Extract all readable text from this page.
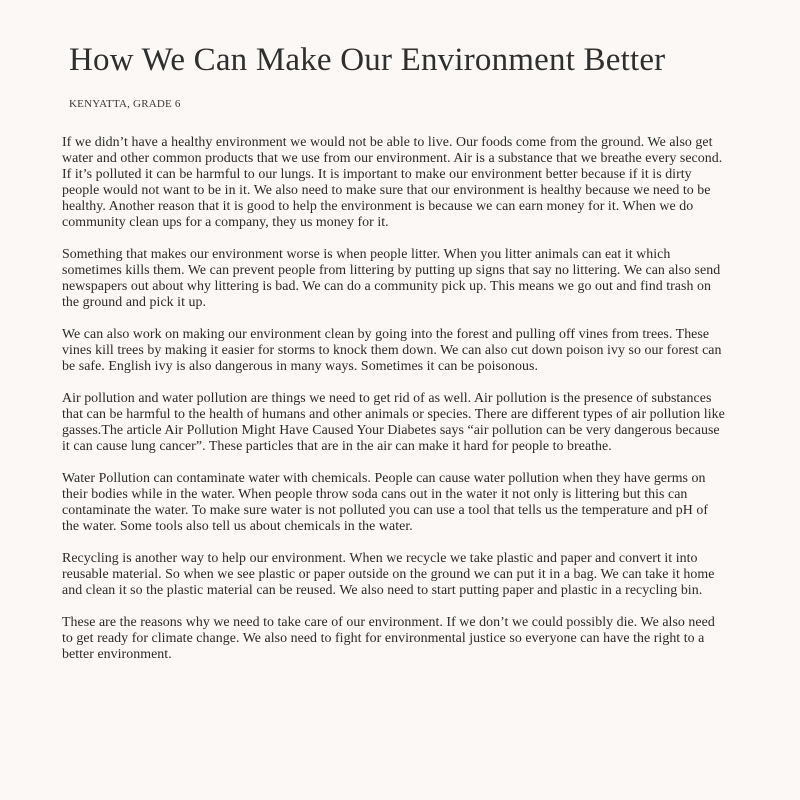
How We Can Make Our Environment Better

KENYATTA, GRADE 6

If we didn’t have a healthy environment we would not be able to live. Our foods come from the ground. We also get water and other common products that we use from our environment. Air is a substance that we breathe every second. If it’s polluted it can be harmful to our lungs. It is important to make our environment better because if it is dirty people would not want to be in it. We also need to make sure that our environment is healthy because we need to be healthy. Another reason that it is good to help the environment is because we can earn money for it. When we do community clean ups for a company, they us money for it.

Something that makes our environment worse is when people litter. When you litter animals can eat it which sometimes kills them. We can prevent people from littering by putting up signs that say no littering. We can also send newspapers out about why littering is bad. We can do a community pick up. This means we go out and find trash on the ground and pick it up.

We can also work on making our environment clean by going into the forest and pulling off vines from trees. These vines kill trees by making it easier for storms to knock them down. We can also cut down poison ivy so our forest can be safe. English ivy is also dangerous in many ways. Sometimes it can be poisonous.

Air pollution and water pollution are things we need to get rid of as well. Air pollution is the presence of substances that can be harmful to the health of humans and other animals or species. There are different types of air pollution like gasses.The article Air Pollution Might Have Caused Your Diabetes says “air pollution can be very dangerous because it can cause lung cancer”. These particles that are in the air can make it hard for people to breathe.

Water Pollution can contaminate water with chemicals. People can cause water pollution when they have germs on their bodies while in the water. When people throw soda cans out in the water it not only is littering but this can contaminate the water. To make sure water is not polluted you can use a tool that tells us the temperature and pH of the water. Some tools also tell us about chemicals in the water.

Recycling is another way to help our environment. When we recycle we take plastic and paper and convert it into reusable material. So when we see plastic or paper outside on the ground we can put it in a bag. We can take it home and clean it so the plastic material can be reused. We also need to start putting paper and plastic in a recycling bin.

These are the reasons why we need to take care of our environment. If we don’t we could possibly die. We also need to get ready for climate change. We also need to fight for environmental justice so everyone can have the right to a better environment.
